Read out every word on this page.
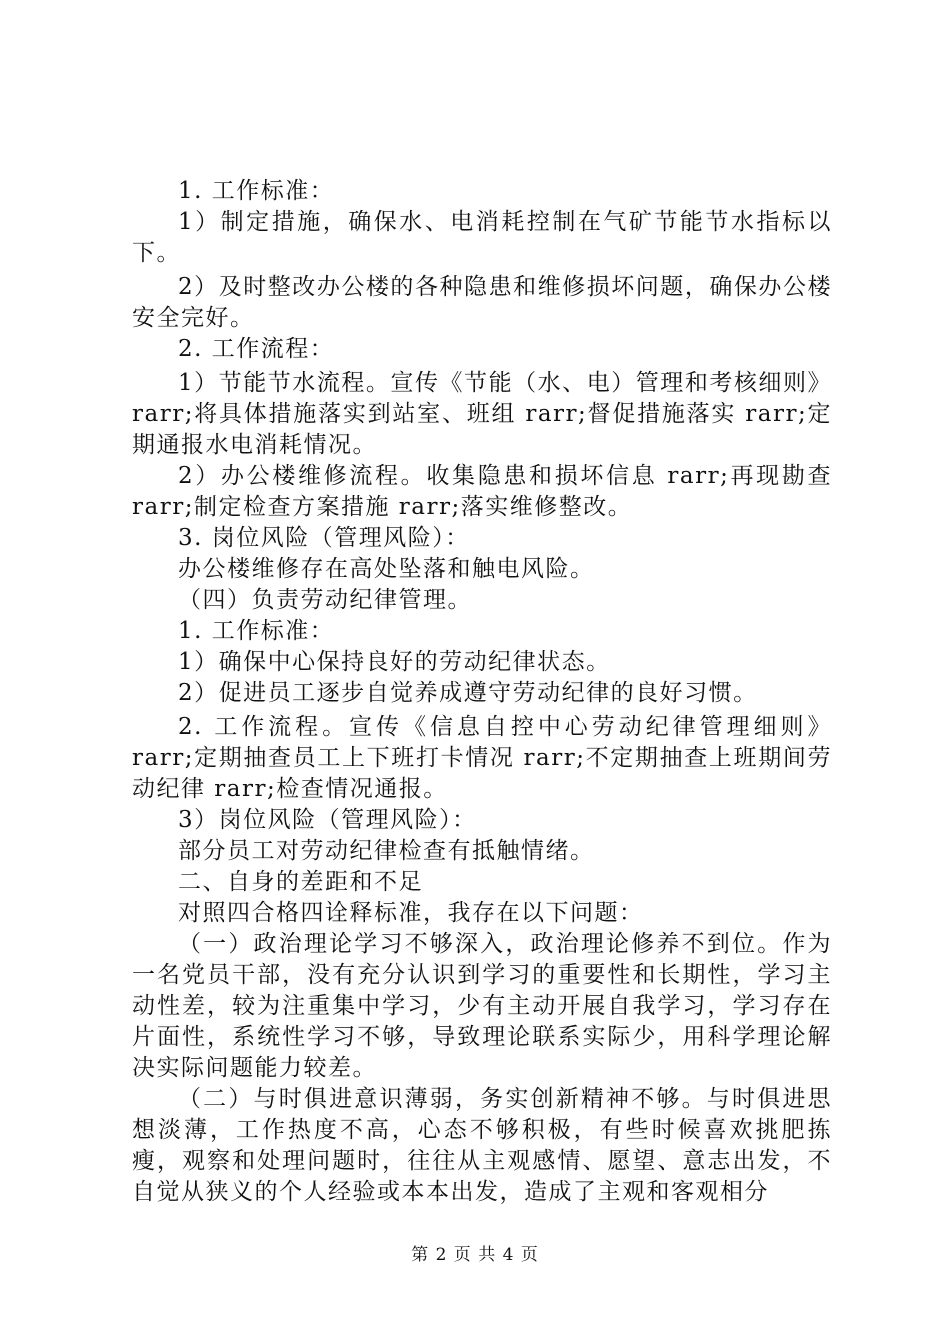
1. 工作标准：

1）制定措施，确保水、电消耗控制在气矿节能节水指标以下。

2）及时整改办公楼的各种隐患和维修损坏问题，确保办公楼安全完好。

2. 工作流程：

1）节能节水流程。宣传《节能（水、电）管理和考核细则》rarr;将具体措施落实到站室、班组 rarr;督促措施落实 rarr;定期通报水电消耗情况。

2）办公楼维修流程。收集隐患和损坏信息 rarr;再现勘查 rarr;制定检查方案措施 rarr;落实维修整改。

3. 岗位风险（管理风险）：

办公楼维修存在高处坠落和触电风险。

（四）负责劳动纪律管理。

1. 工作标准：

1）确保中心保持良好的劳动纪律状态。

2）促进员工逐步自觉养成遵守劳动纪律的良好习惯。

2. 工作流程。宣传《信息自控中心劳动纪律管理细则》rarr;定期抽查员工上下班打卡情况 rarr;不定期抽查上班期间劳动纪律 rarr;检查情况通报。

3）岗位风险（管理风险）：

部分员工对劳动纪律检查有抵触情绪。

二、自身的差距和不足

对照四合格四诠释标准，我存在以下问题：

（一）政治理论学习不够深入，政治理论修养不到位。作为一名党员干部，没有充分认识到学习的重要性和长期性，学习主动性差，较为注重集中学习，少有主动开展自我学习，学习存在片面性，系统性学习不够，导致理论联系实际少，用科学理论解决实际问题能力较差。

（二）与时俱进意识薄弱，务实创新精神不够。与时俱进思想淡薄，工作热度不高，心态不够积极，有些时候喜欢挑肥拣瘦，观察和处理问题时，往往从主观感情、愿望、意志出发，不自觉从狭义的个人经验或本本出发，造成了主观和客观相分

第 2 页 共 4 页
